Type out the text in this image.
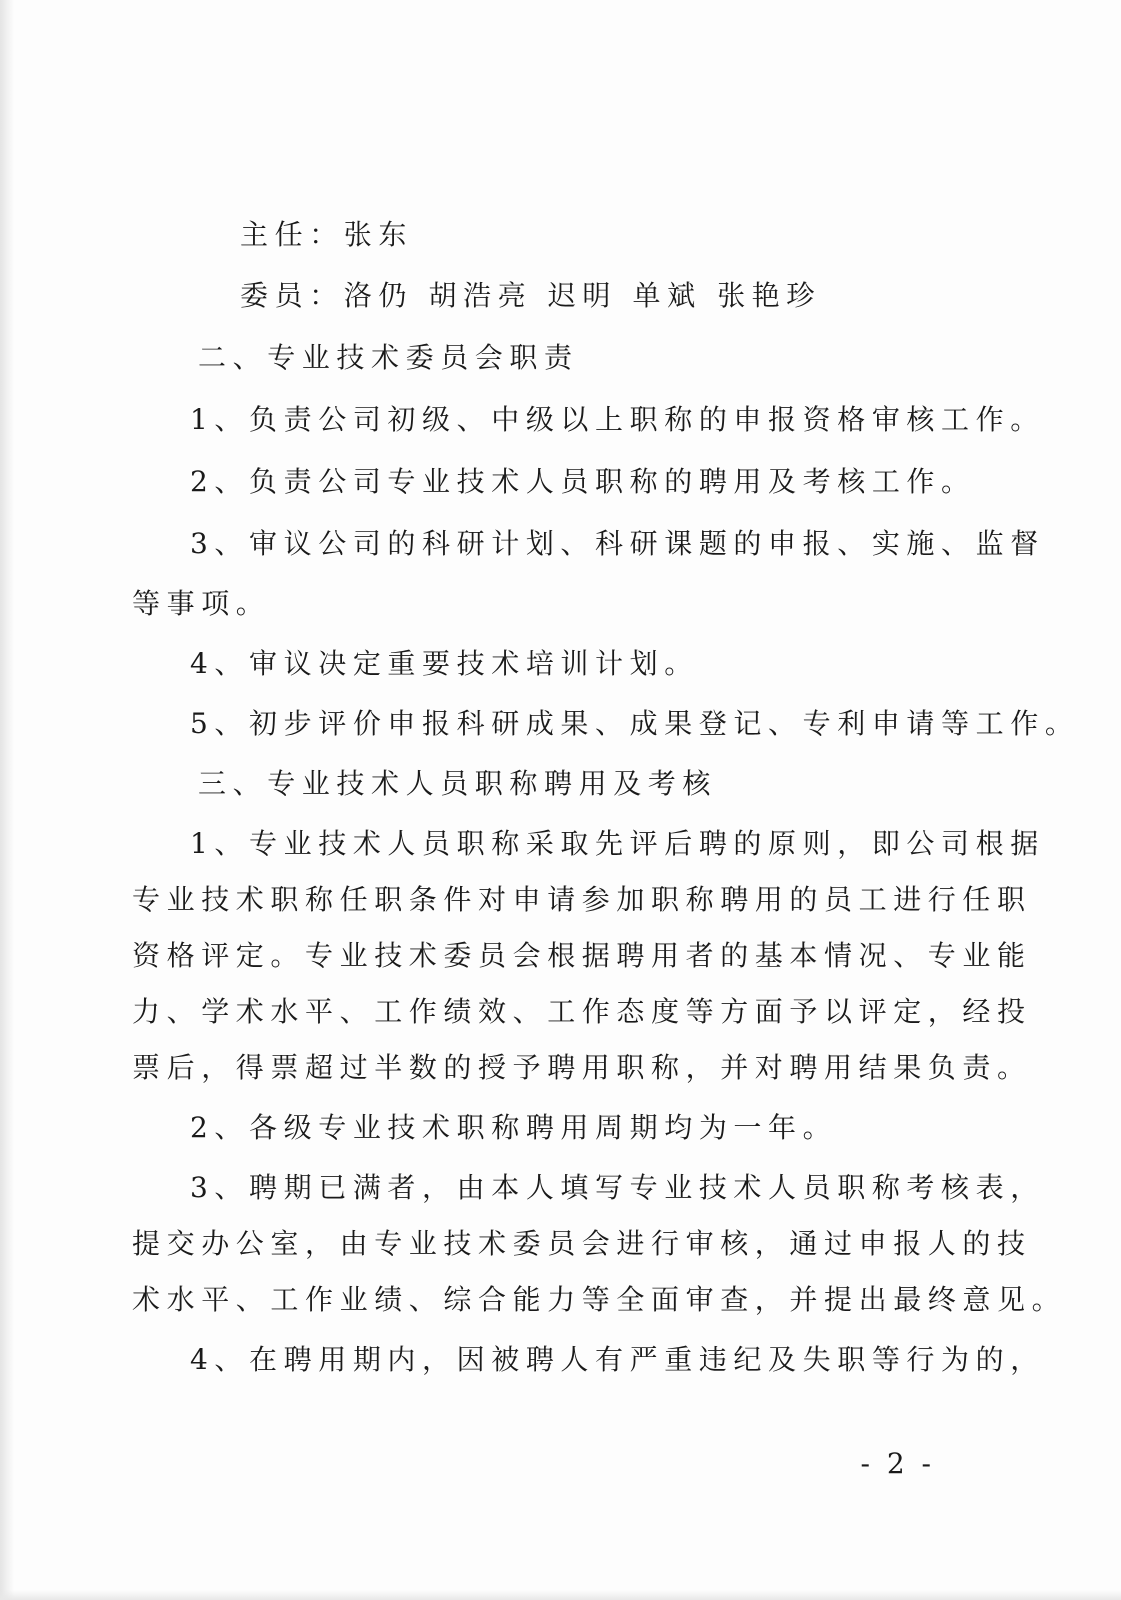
主任：张东
委员：洛仍 胡浩亮 迟明 单斌 张艳珍
二、专业技术委员会职责
1、负责公司初级、中级以上职称的申报资格审核工作。
2、负责公司专业技术人员职称的聘用及考核工作。
3、审议公司的科研计划、科研课题的申报、实施、监督
等事项。
4、审议决定重要技术培训计划。
5、初步评价申报科研成果、成果登记、专利申请等工作。
三、专业技术人员职称聘用及考核
1、专业技术人员职称采取先评后聘的原则，即公司根据
专业技术职称任职条件对申请参加职称聘用的员工进行任职
资格评定。专业技术委员会根据聘用者的基本情况、专业能
力、学术水平、工作绩效、工作态度等方面予以评定，经投
票后，得票超过半数的授予聘用职称，并对聘用结果负责。
2、各级专业技术职称聘用周期均为一年。
3、聘期已满者，由本人填写专业技术人员职称考核表，
提交办公室，由专业技术委员会进行审核，通过申报人的技
术水平、工作业绩、综合能力等全面审查，并提出最终意见。
4、在聘用期内，因被聘人有严重违纪及失职等行为的，
- 2 -
